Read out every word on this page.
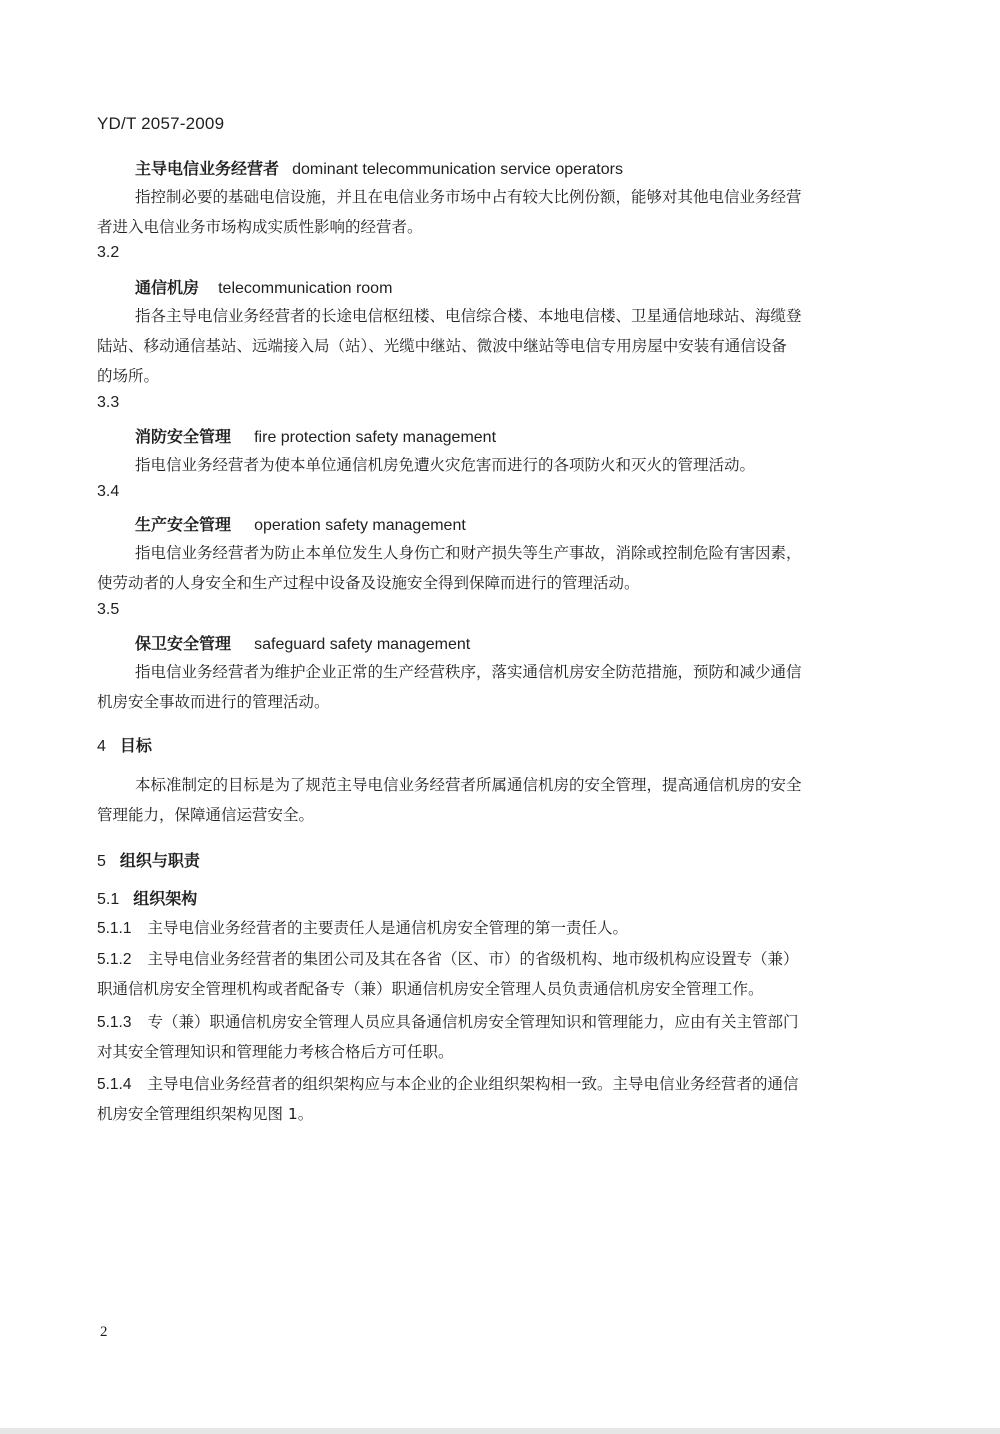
YD/T 2057-2009
主导电信业务经营者 dominant telecommunication service operators
指控制必要的基础电信设施，并且在电信业务市场中占有较大比例份额，能够对其他电信业务经营
者进入电信业务市场构成实质性影响的经营者。
3.2
通信机房 telecommunication room
指各主导电信业务经营者的长途电信枢纽楼、电信综合楼、本地电信楼、卫星通信地球站、海缆登
陆站、移动通信基站、远端接入局（站）、光缆中继站、微波中继站等电信专用房屋中安装有通信设备
的场所。
3.3
消防安全管理 fire protection safety management
指电信业务经营者为使本单位通信机房免遭火灾危害而进行的各项防火和灭火的管理活动。
3.4
生产安全管理 operation safety management
指电信业务经营者为防止本单位发生人身伤亡和财产损失等生产事故，消除或控制危险有害因素，
使劳动者的人身安全和生产过程中设备及设施安全得到保障而进行的管理活动。
3.5
保卫安全管理 safeguard safety management
指电信业务经营者为维护企业正常的生产经营秩序，落实通信机房安全防范措施，预防和减少通信
机房安全事故而进行的管理活动。
4 目标
本标准制定的目标是为了规范主导电信业务经营者所属通信机房的安全管理，提高通信机房的安全
管理能力，保障通信运营安全。
5 组织与职责
5.1 组织架构
5.1.1 主导电信业务经营者的主要责任人是通信机房安全管理的第一责任人。
5.1.2 主导电信业务经营者的集团公司及其在各省（区、市）的省级机构、地市级机构应设置专（兼）
职通信机房安全管理机构或者配备专（兼）职通信机房安全管理人员负责通信机房安全管理工作。
5.1.3 专（兼）职通信机房安全管理人员应具备通信机房安全管理知识和管理能力，应由有关主管部门
对其安全管理知识和管理能力考核合格后方可任职。
5.1.4 主导电信业务经营者的组织架构应与本企业的企业组织架构相一致。主导电信业务经营者的通信
机房安全管理组织架构见图 1。
2
